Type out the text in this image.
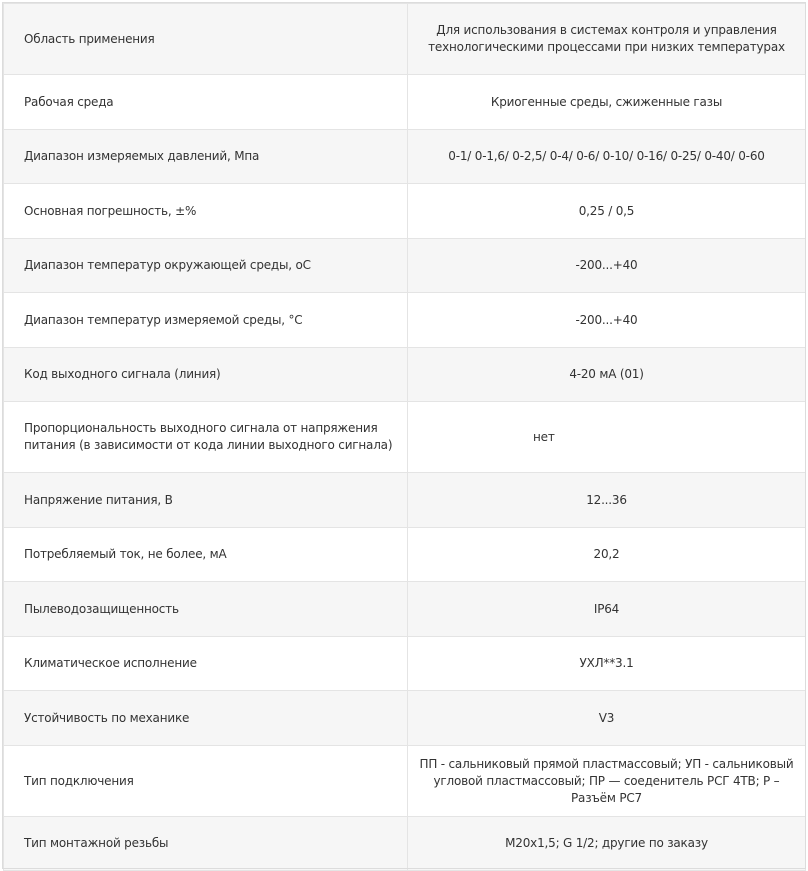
Область применения	Для использования в системах контроля и управления технологическими процессами при низких температурах
Рабочая среда	Криогенные среды, сжиженные газы
Диапазон измеряемых давлений, Мпа	0-1/ 0-1,6/ 0-2,5/ 0-4/ 0-6/ 0-10/ 0-16/ 0-25/ 0-40/ 0-60
Основная погрешность, ±%	0,25 / 0,5
Диапазон температур окружающей среды, oС	-200...+40
Диапазон температур измеряемой среды, °С	-200...+40
Код выходного сигнала (линия)	4-20 мА (01)
Пропорциональность выходного сигнала от напряжения питания (в зависимости от кода линии выходного сигнала)	нет
Напряжение питания, В	12...36
Потребляемый ток, не более, мА	20,2
Пылеводозащищенность	IP64
Климатическое исполнение	УХЛ**3.1
Устойчивость по механике	V3
Тип подключения	ПП - сальниковый прямой пластмассовый; УП - сальниковый угловой пластмассовый; ПР — соеденитель РСГ 4ТВ; Р – Разъём РС7
Тип монтажной резьбы	М20х1,5; G 1/2; другие по заказу
